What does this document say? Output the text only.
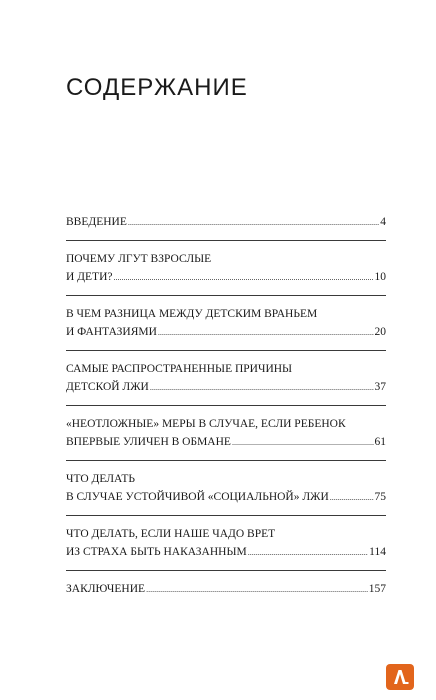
СОДЕРЖАНИЕ
ВВЕДЕНИЕ .....	4
ПОЧЕМУ ЛГУТ ВЗРОСЛЫЕ
И ДЕТИ? .....	10
В ЧЕМ РАЗНИЦА МЕЖДУ ДЕТСКИМ ВРАНЬЕМ
И ФАНТАЗИЯМИ .....	20
САМЫЕ РАСПРОСТРАНЕННЫЕ ПРИЧИНЫ
ДЕТСКОЙ ЛЖИ .....	37
«НЕОТЛОЖНЫЕ» МЕРЫ В СЛУЧАЕ, ЕСЛИ РЕБЕНОК
ВПЕРВЫЕ УЛИЧЕН В ОБМАНЕ .....	61
ЧТО ДЕЛАТЬ
В СЛУЧАЕ УСТОЙЧИВОЙ «СОЦИАЛЬНОЙ» ЛЖИ .....	75
ЧТО ДЕЛАТЬ, ЕСЛИ НАШЕ ЧАДО ВРЕТ
ИЗ СТРАХА БЫТЬ НАКАЗАННЫМ .....	114
ЗАКЛЮЧЕНИЕ .....	157
